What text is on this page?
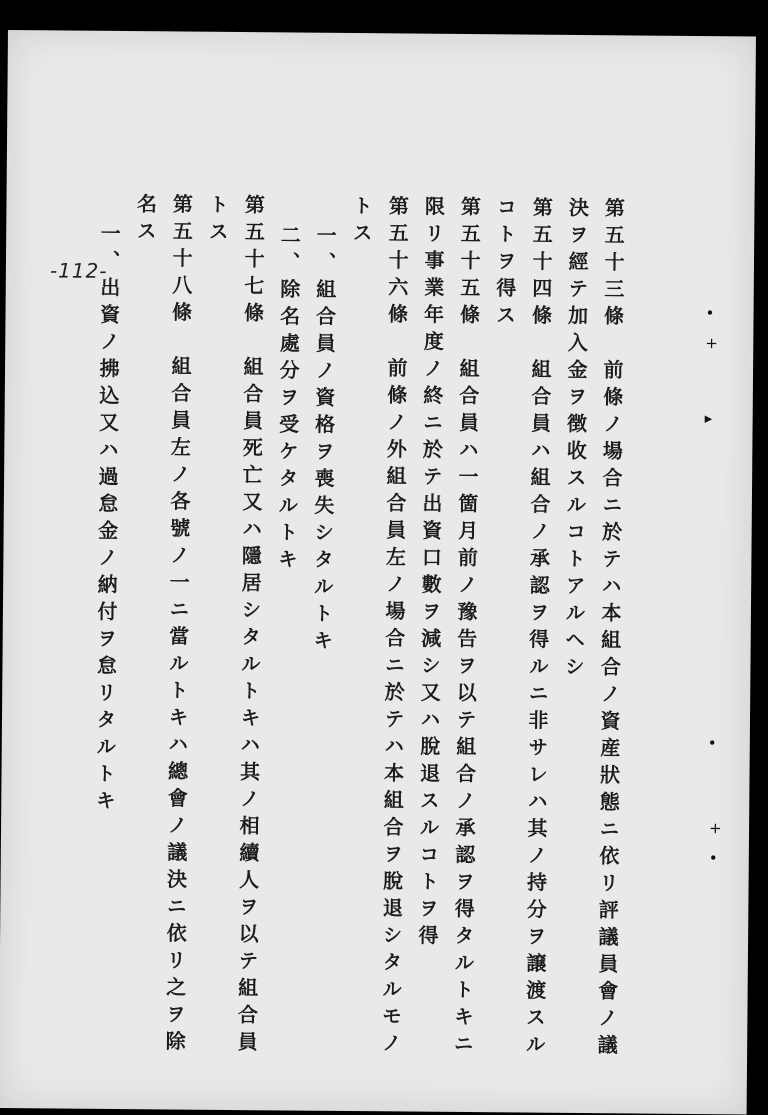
第五十三條　前條ノ場合ニ於テハ本組合ノ資産狀態ニ依リ評議員會ノ議
決ヲ經テ加入金ヲ徴收スルコトアルヘシ
第五十四條　組合員ハ組合ノ承認ヲ得ルニ非サレハ其ノ持分ヲ譲渡スル
コトヲ得ス
第五十五條　組合員ハ一箇月前ノ豫告ヲ以テ組合ノ承認ヲ得タルトキニ
限リ事業年度ノ終ニ於テ出資口數ヲ減シ又ハ脫退スルコトヲ得
第五十六條　前條ノ外組合員左ノ場合ニ於テハ本組合ヲ脫退シタルモノ
トス
一、組合員ノ資格ヲ喪失シタルトキ
二、除名處分ヲ受ケタルトキ
第五十七條　組合員死亡又ハ隱居シタルトキハ其ノ相續人ヲ以テ組合員
トス
第五十八條　組合員左ノ各號ノ一ニ當ルトキハ總會ノ議決ニ依リ之ヲ除
名ス
一、出資ノ拂込又ハ過怠金ノ納付ヲ怠リタルトキ
-112-
•
+
▸
•
+
•
